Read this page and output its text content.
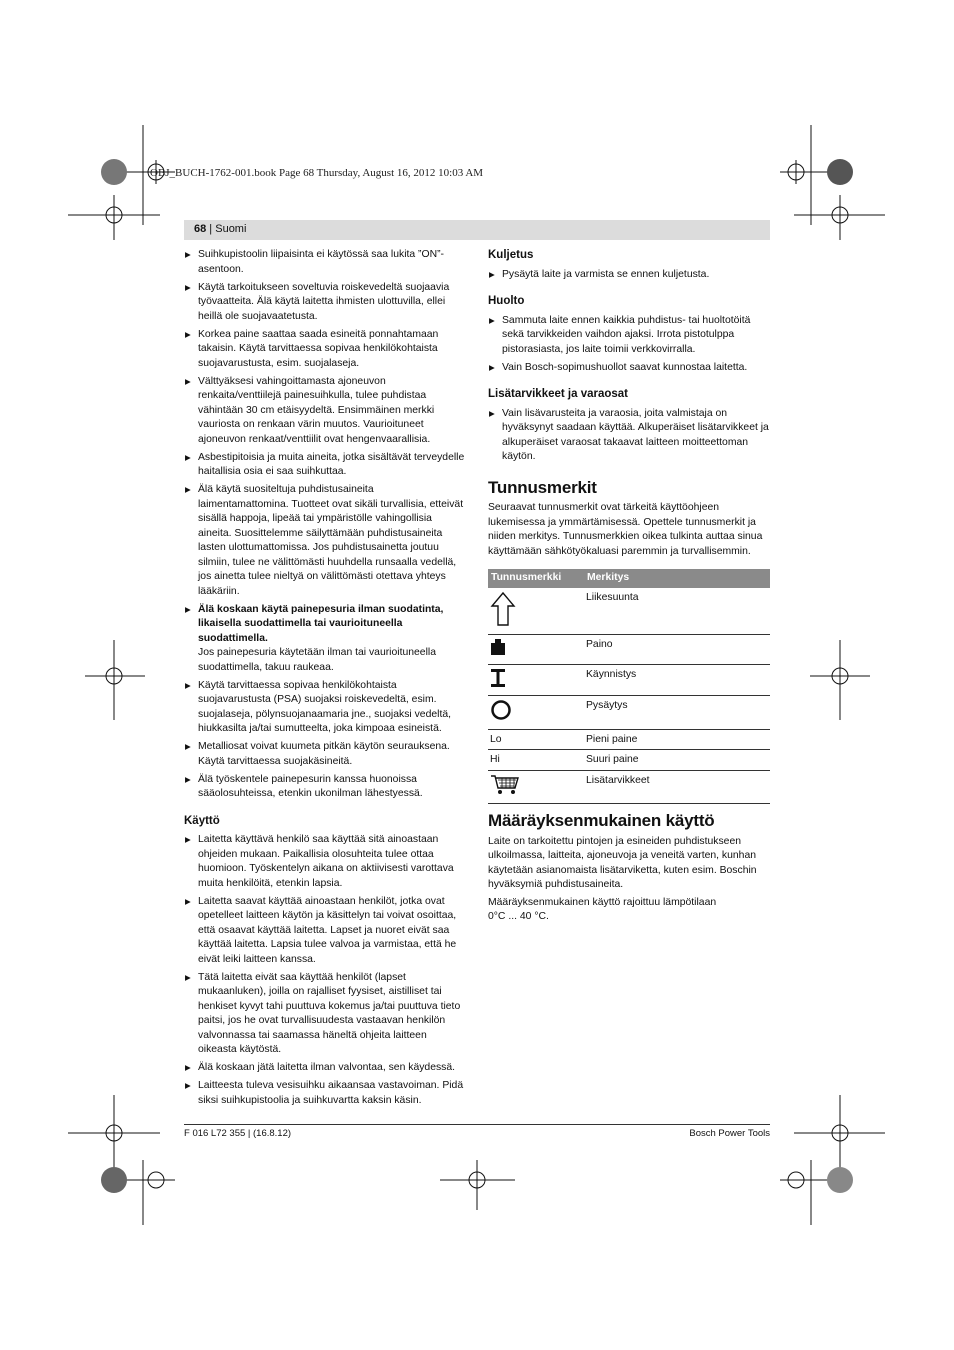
OBJ_BUCH-1762-001.book Page 68 Thursday, August 16, 2012 10:03 AM
68 | Suomi
▶ Suihkupistoolin liipaisinta ei käytössä saa lukita ”ON”-asentoon.
▶ Käytä tarkoitukseen soveltuvia roiskevedeltä suojaavia työvaatteita. Älä käytä laitetta ihmisten ulottuvilla, ellei heillä ole suojavaatetusta.
▶ Korkea paine saattaa saada esineitä ponnahtamaan takaisin. Käytä tarvittaessa sopivaa henkilökohtaista suojavarustusta, esim. suojalaseja.
▶ Välttyäksesi vahingoittamasta ajoneuvon renkaita/venttiilejä painesuihkulla, tulee puhdistaa vähintään 30 cm etäisyydeltä. Ensimmäinen merkki vauriosta on renkaan värin muutos. Vaurioituneet ajoneuvon renkaat/venttiilit ovat hengenvaarallisia.
▶ Asbestipitoisia ja muita aineita, jotka sisältävät terveydelle haitallisia osia ei saa suihkuttaa.
▶ Älä käytä suositeltuja puhdistusaineita laimentamattomina. Tuotteet ovat sikäli turvallisia, etteivät sisällä happoja, lipeää tai ympäristölle vahingollisia aineita. Suosittelemme säilyttämään puhdistusaineita lasten ulottumattomissa. Jos puhdistusainetta joutuu silmiin, tulee ne välittömästi huuhdella runsaalla vedellä, jos ainetta tulee nieltyä on välittömästi otettava yhteys lääkäriin.
▶ Älä koskaan käytä painepesuria ilman suodatinta, likaisella suodattimella tai vaurioituneella suodattimella.
Jos painepesuria käytetään ilman tai vaurioituneella suodattimella, takuu raukeaa.
▶ Käytä tarvittaessa sopivaa henkilökohtaista suojavarustusta (PSA) suojaksi roiskevedeltä, esim. suojalaseja, pölynsuojanaamaria jne., suojaksi vedeltä, hiukkasilta ja/tai sumutteelta, joka kimpoaa esineistä.
▶ Metalliosat voivat kuumeta pitkän käytön seurauksena. Käytä tarvittaessa suojakäsineitä.
▶ Älä työskentele painepesurin kanssa huonoissa sääolosuhteissa, etenkin ukonilman lähestyessä.
Käyttö
▶ Laitetta käyttävä henkilö saa käyttää sitä ainoastaan ohjeiden mukaan. Paikallisia olosuhteita tulee ottaa huomioon. Työskentelyn aikana on aktiivisesti varottava muita henkilöitä, etenkin lapsia.
▶ Laitetta saavat käyttää ainoastaan henkilöt, jotka ovat opetelleet laitteen käytön ja käsittelyn tai voivat osoittaa, että osaavat käyttää laitetta. Lapset ja nuoret eivät saa käyttää laitetta. Lapsia tulee valvoa ja varmistaa, että he eivät leiki laitteen kanssa.
▶ Tätä laitetta eivät saa käyttää henkilöt (lapset mukaanluken), joilla on rajalliset fyysiset, aistilliset tai henkiset kyvyt tahi puuttuva kokemus ja/tai puuttuva tieto paitsi, jos he ovat turvallisuudesta vastaavan henkilön valvonnassa tai saamassa häneltä ohjeita laitteen oikeasta käytöstä.
▶ Älä koskaan jätä laitetta ilman valvontaa, sen käydessä.
▶ Laitteesta tuleva vesisuihku aikaansaa vastavoiman. Pidä siksi suihkupistoolia ja suihkuvartta kaksin käsin.
Kuljetus
▶ Pysäytä laite ja varmista se ennen kuljetusta.
Huolto
▶ Sammuta laite ennen kaikkia puhdistus- tai huoltotöitä sekä tarvikkeiden vaihdon ajaksi. Irrota pistotulppa pistorasiasta, jos laite toimii verkkovirralla.
▶ Vain Bosch-sopimushuollot saavat kunnostaa laitetta.
Lisätarvikkeet ja varaosat
▶ Vain lisävarusteita ja varaosia, joita valmistaja on hyväksynyt saadaan käyttää. Alkuperäiset lisätarvikkeet ja alkuperäiset varaosat takaavat laitteen moitteettoman käytön.
Tunnusmerkit

Seuraavat tunnusmerkit ovat tärkeitä käyttöohjeen lukemisessa ja ymmärtämisessä. Opettele tunnusmerkit ja niiden merkitys. Tunnusmerkkien oikea tulkinta auttaa sinua käyttämään sähkötyökaluasi paremmin ja turvallisemmin.

Tunnusmerkki	Merkitys
	Liikesuunta
	Paino
	Käynnistys
	Pysäytys
Lo	Pieni paine
Hi	Suuri paine
	Lisätarvikkeet
Määräyksenmukainen käyttö

Laite on tarkoitettu pintojen ja esineiden puhdistukseen ulkoilmassa, laitteita, ajoneuvoja ja veneitä varten, kunhan käytetään asianomaista lisätarviketta, kuten esim. Boschin hyväksymiä puhdistusaineita.

Määräyksenmukainen käyttö rajoittuu lämpötilaan

0°C ... 40 °C.

F 016 L72 355 | (16.8.12)	Bosch Power Tools
